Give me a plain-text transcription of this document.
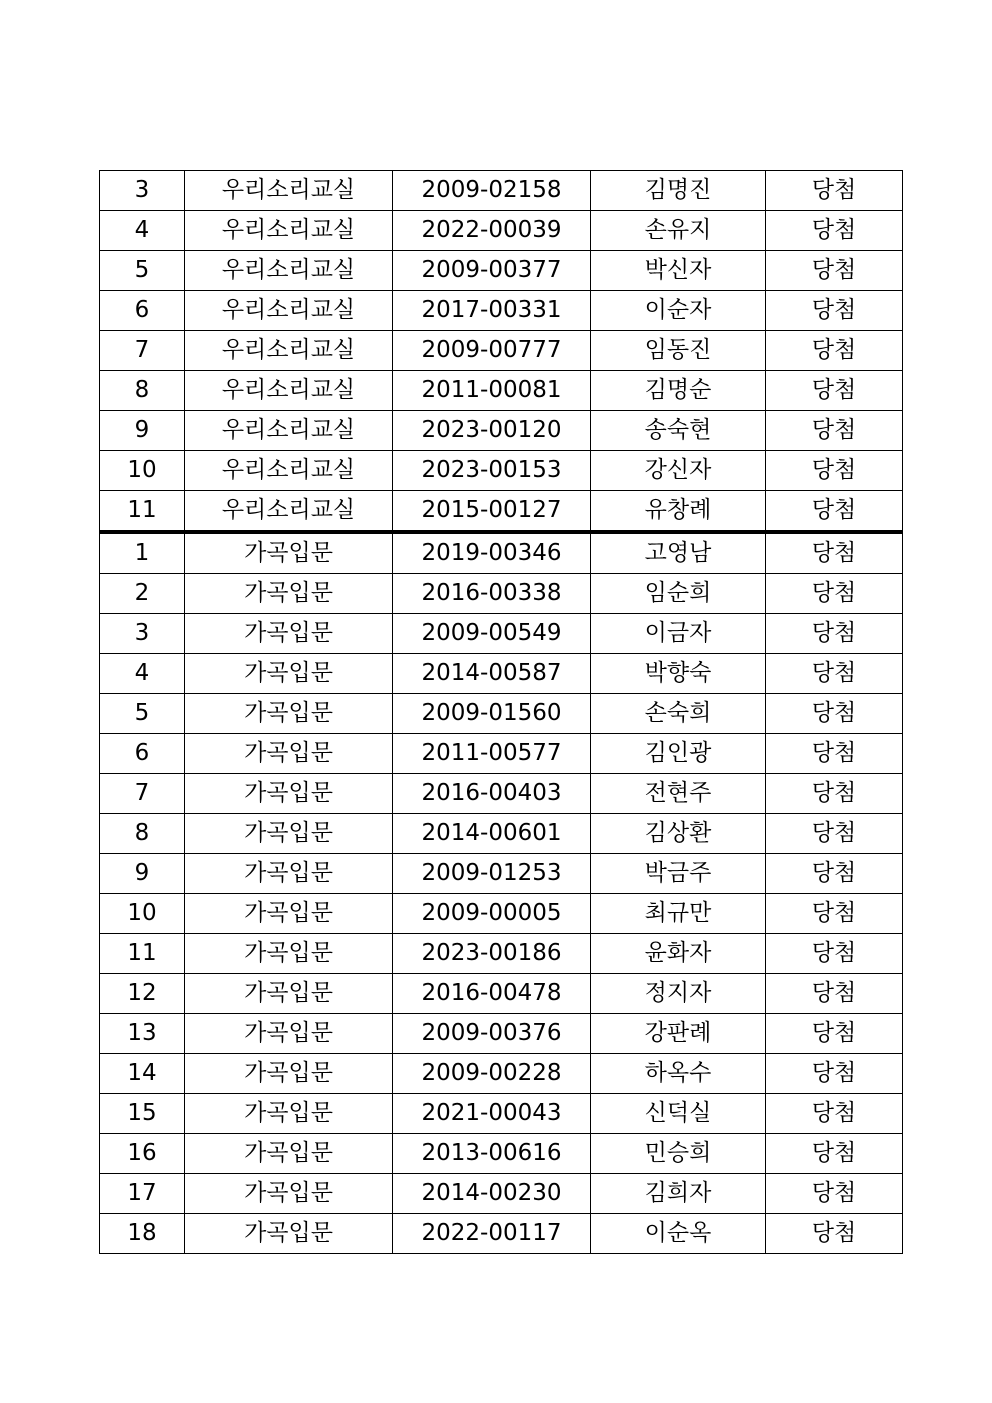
3	우리소리교실	2009-02158	김명진	당첨
4	우리소리교실	2022-00039	손유지	당첨
5	우리소리교실	2009-00377	박신자	당첨
6	우리소리교실	2017-00331	이순자	당첨
7	우리소리교실	2009-00777	임동진	당첨
8	우리소리교실	2011-00081	김명순	당첨
9	우리소리교실	2023-00120	송숙현	당첨
10	우리소리교실	2023-00153	강신자	당첨
11	우리소리교실	2015-00127	유창례	당첨
1	가곡입문	2019-00346	고영남	당첨
2	가곡입문	2016-00338	임순희	당첨
3	가곡입문	2009-00549	이금자	당첨
4	가곡입문	2014-00587	박향숙	당첨
5	가곡입문	2009-01560	손숙희	당첨
6	가곡입문	2011-00577	김인광	당첨
7	가곡입문	2016-00403	전현주	당첨
8	가곡입문	2014-00601	김상환	당첨
9	가곡입문	2009-01253	박금주	당첨
10	가곡입문	2009-00005	최규만	당첨
11	가곡입문	2023-00186	윤화자	당첨
12	가곡입문	2016-00478	정지자	당첨
13	가곡입문	2009-00376	강판례	당첨
14	가곡입문	2009-00228	하옥수	당첨
15	가곡입문	2021-00043	신덕실	당첨
16	가곡입문	2013-00616	민승희	당첨
17	가곡입문	2014-00230	김희자	당첨
18	가곡입문	2022-00117	이순옥	당첨
